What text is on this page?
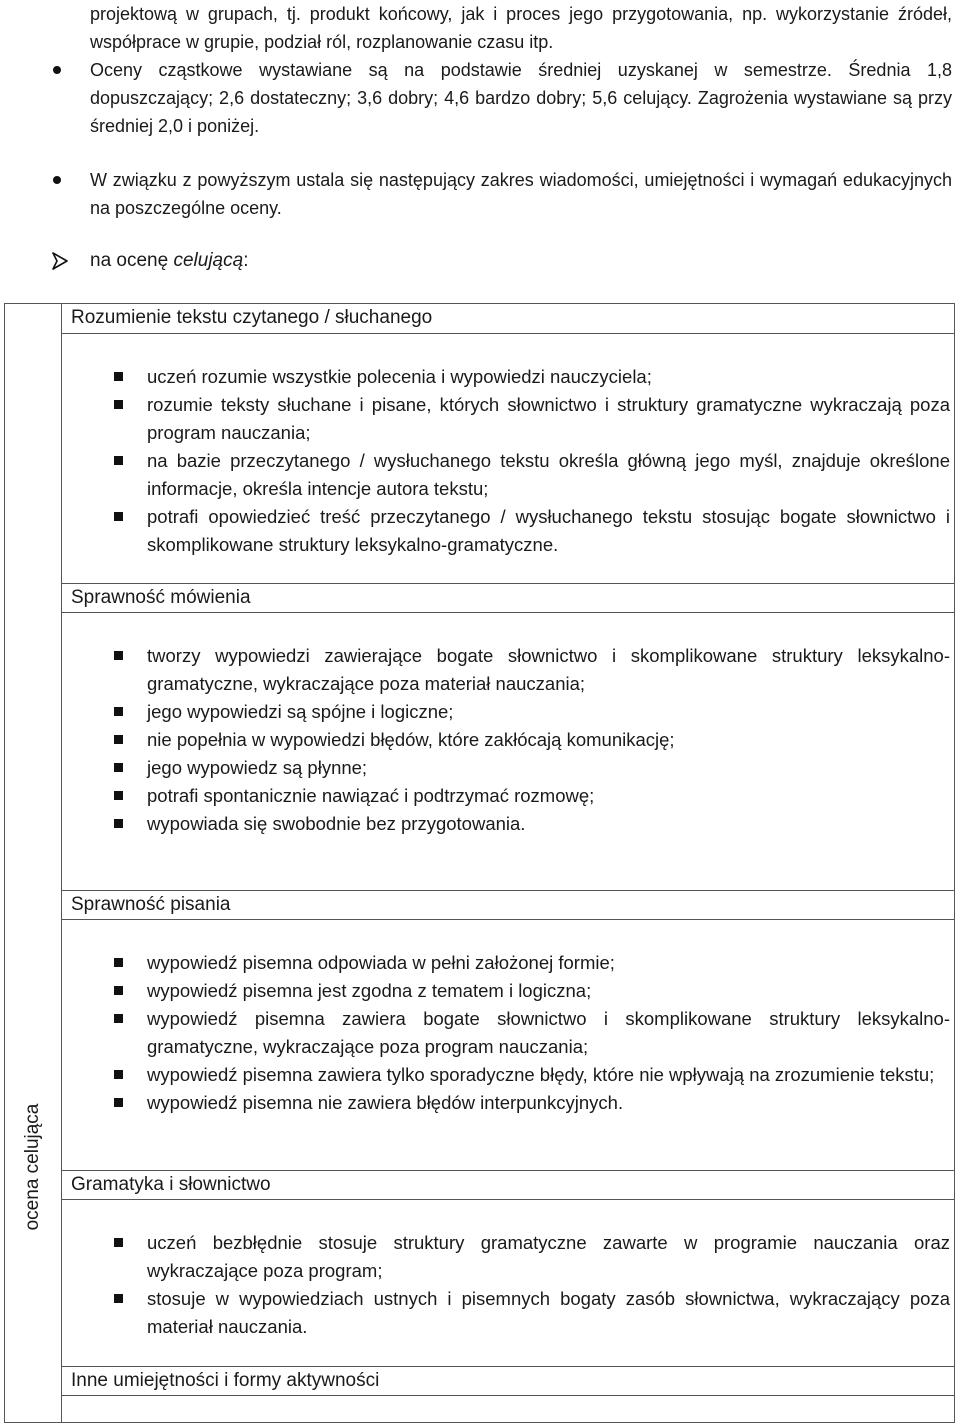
projektową w grupach, tj. produkt końcowy, jak i proces jego przygotowania, np. wykorzystanie źródeł, współprace w grupie, podział ról, rozplanowanie czasu itp.
Oceny cząstkowe wystawiane są na podstawie średniej uzyskanej w semestrze. Średnia 1,8 dopuszczający; 2,6 dostateczny; 3,6 dobry; 4,6 bardzo dobry; 5,6 celujący. Zagrożenia wystawiane są przy średniej 2,0 i poniżej.
W związku z powyższym ustala się następujący zakres wiadomości, umiejętności i wymagań edukacyjnych na poszczególne oceny.
na ocenę celującą:
ocena celująca
Rozumienie tekstu czytanego / słuchanego
uczeń rozumie wszystkie polecenia i wypowiedzi nauczyciela;
rozumie teksty słuchane i pisane, których słownictwo i struktury gramatyczne wykraczają poza program nauczania;
na bazie przeczytanego / wysłuchanego tekstu określa główną jego myśl, znajduje określone informacje, określa intencje autora tekstu;
potrafi opowiedzieć treść przeczytanego / wysłuchanego tekstu stosując bogate słownictwo i skomplikowane struktury leksykalno-gramatyczne.
Sprawność mówienia
tworzy wypowiedzi zawierające bogate słownictwo i skomplikowane struktury leksykalno-gramatyczne, wykraczające poza materiał nauczania;
jego wypowiedzi są spójne i logiczne;
nie popełnia w wypowiedzi błędów, które zakłócają komunikację;
jego wypowiedz są płynne;
potrafi spontanicznie nawiązać i podtrzymać rozmowę;
wypowiada się swobodnie bez przygotowania.
Sprawność pisania
wypowiedź pisemna odpowiada w pełni założonej formie;
wypowiedź pisemna jest zgodna z tematem i logiczna;
wypowiedź pisemna zawiera bogate słownictwo i skomplikowane struktury leksykalno-gramatyczne, wykraczające poza program nauczania;
wypowiedź pisemna zawiera tylko sporadyczne błędy, które nie wpływają na zrozumienie tekstu;
wypowiedź pisemna nie zawiera błędów interpunkcyjnych.
Gramatyka i słownictwo
uczeń bezbłędnie stosuje struktury gramatyczne zawarte w programie nauczania oraz wykraczające poza program;
stosuje w wypowiedziach ustnych i pisemnych bogaty zasób słownictwa, wykraczający poza materiał nauczania.
Inne umiejętności i formy aktywności
